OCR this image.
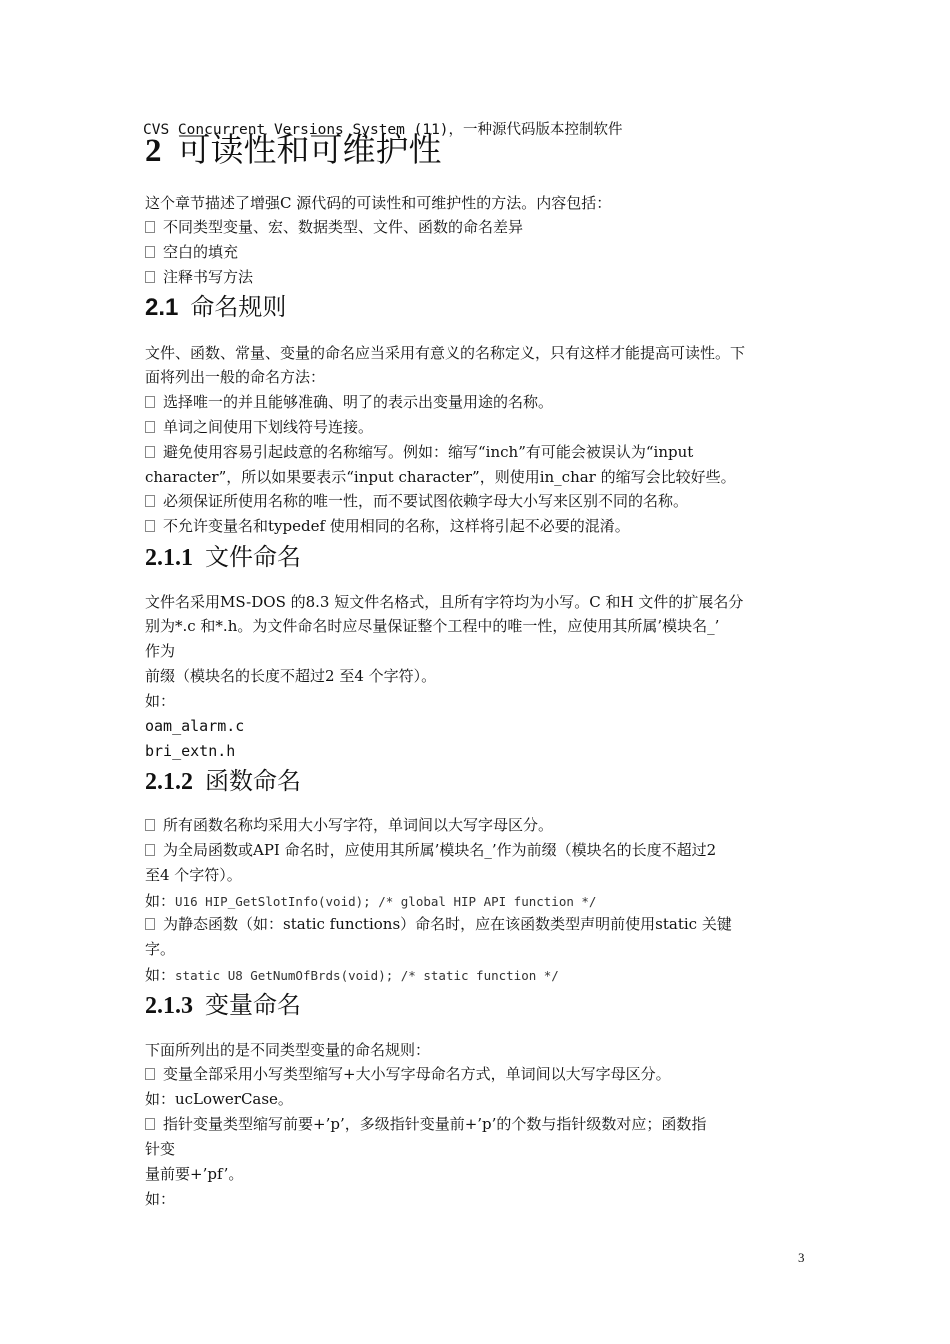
CVS Concurrent Versions System (11)，一种源代码版本控制软件
2 可读性和可维护性
这个章节描述了增强C 源代码的可读性和可维护性的方法。内容包括：
不同类型变量、宏、数据类型、文件、函数的命名差异
空白的填充
注释书写方法
2.1 命名规则
文件、函数、常量、变量的命名应当采用有意义的名称定义，只有这样才能提高可读性。下
面将列出一般的命名方法：
选择唯一的并且能够准确、明了的表示出变量用途的名称。
单词之间使用下划线符号连接。
避免使用容易引起歧意的名称缩写。例如：缩写“inch”有可能会被误认为“input
character”，所以如果要表示“input character”，则使用in_char 的缩写会比较好些。
必须保证所使用名称的唯一性，而不要试图依赖字母大小写来区别不同的名称。
不允许变量名和typedef 使用相同的名称，这样将引起不必要的混淆。
2.1.1 文件命名
文件名采用MS-DOS 的8.3 短文件名格式，且所有字符均为小写。C 和H 文件的扩展名分
别为*.c 和*.h。为文件命名时应尽量保证整个工程中的唯一性，应使用其所属’模块名_’
作为
前缀（模块名的长度不超过2 至4 个字符）。
如：
oam_alarm.c
bri_extn.h
2.1.2 函数命名
所有函数名称均采用大小写字符，单词间以大写字母区分。
为全局函数或API 命名时，应使用其所属’模块名_’作为前缀（模块名的长度不超过2
至4 个字符）。
如：U16 HIP_GetSlotInfo(void); /* global HIP API function */
为静态函数（如：static functions）命名时，应在该函数类型声明前使用static 关键
字。
如：static U8 GetNumOfBrds(void); /* static function */
2.1.3 变量命名
下面所列出的是不同类型变量的命名规则：
变量全部采用小写类型缩写+大小写字母命名方式，单词间以大写字母区分。
如：ucLowerCase。
指针变量类型缩写前要+’p’，多级指针变量前+’p’的个数与指针级数对应；函数指
针变
量前要+’pf’。
如：
3
